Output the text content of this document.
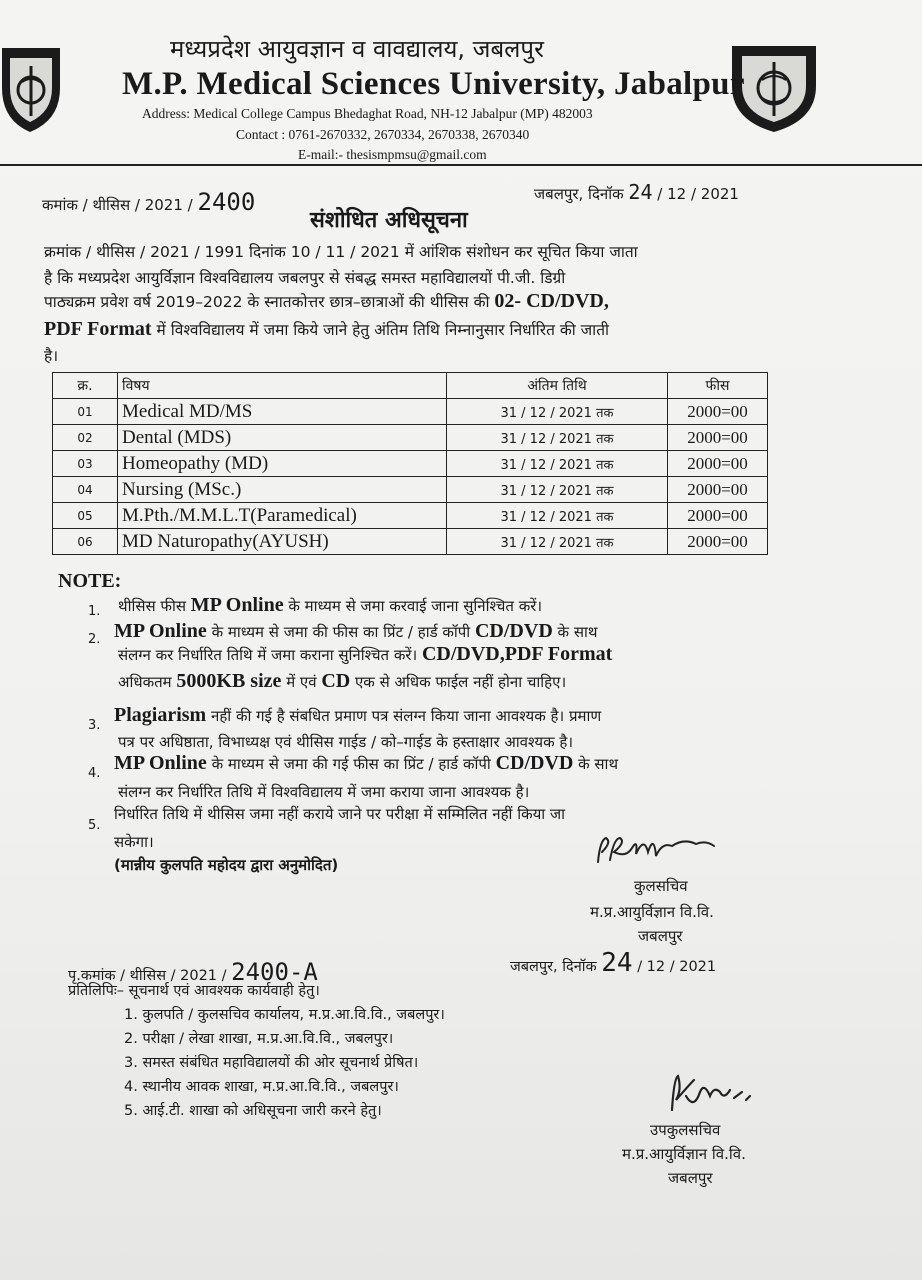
मध्यप्रदेश आयुवज्ञान व वावद्यालय, जबलपुर
M.P. Medical Sciences University, Jabalpur
Address: Medical College Campus Bhedaghat Road, NH-12 Jabalpur (MP) 482003
Contact : 0761-2670332, 2670334, 2670338, 2670340
E-mail:- thesismpmsu@gmail.com
कमांक / थीसिस / 2021 / 2400	जबलपुर, दिनॉक 24 / 12 / 2021
संशोधित अधिसूचना
क्रमांक / थीसिस / 2021 / 1991 दिनांक 10 / 11 / 2021 में आंशिक संशोधन कर सूचित किया जाता
है कि मध्यप्रदेश आयुर्विज्ञान विश्वविद्यालय जबलपुर से संबद्ध समस्त महाविद्यालयों पी.जी. डिग्री
पाठ्यक्रम प्रवेश वर्ष 2019–2022 के स्नातकोत्तर छात्र–छात्राओं की थीसिस की 02- CD/DVD,
PDF Format में विश्वविद्यालय में जमा किये जाने हेतु अंतिम तिथि निम्नानुसार निर्धारित की जाती
है।
क्र.	विषय	अंतिम तिथि	फीस
01	Medical MD/MS	31 / 12 / 2021 तक	2000=00
02	Dental (MDS)	31 / 12 / 2021 तक	2000=00
03	Homeopathy (MD)	31 / 12 / 2021 तक	2000=00
04	Nursing (MSc.)	31 / 12 / 2021 तक	2000=00
05	M.Pth./M.M.L.T(Paramedical)	31 / 12 / 2021 तक	2000=00
06	MD Naturopathy(AYUSH)	31 / 12 / 2021 तक	2000=00
NOTE:
1. थीसिस फीस MP Online के माध्यम से जमा करवाई जाना सुनिश्चित करें।
2. MP Online के माध्यम से जमा की फीस का प्रिंट / हार्ड कॉपी CD/DVD के साथ
संलग्न कर निर्धारित तिथि में जमा कराना सुनिश्चित करें। CD/DVD,PDF Format
अधिकतम 5000KB size में एवं CD एक से अधिक फाईल नहीं होना चाहिए।
3. Plagiarism नहीं की गई है संबधित प्रमाण पत्र संलग्न किया जाना आवश्यक है। प्रमाण
पत्र पर अधिष्ठाता, विभाध्यक्ष एवं थीसिस गाईड / को–गाईड के हस्ताक्षार आवश्यक है।
4. MP Online के माध्यम से जमा की गई फीस का प्रिंट / हार्ड कॉपी CD/DVD के साथ
संलग्न कर निर्धारित तिथि में विश्वविद्यालय में जमा कराया जाना आवश्यक है।
5.
निर्धारित तिथि में थीसिस जमा नहीं कराये जाने पर परीक्षा में सम्मिलित नहीं किया जा
सकेगा।
(मान्नीय कुलपति महोदय द्वारा अनुमोदित)
कुलसचिव
म.प्र.आयुर्विज्ञान वि.वि.
जबलपुर
पृ.कमांक / थीसिस / 2021 / 2400-A	जबलपुर, दिनॉक 24 / 12 / 2021
प्रतिलिपिः– सूचनार्थ एवं आवश्यक कार्यवाही हेतु।
1. कुलपति / कुलसचिव कार्यालय, म.प्र.आ.वि.वि., जबलपुर।
2. परीक्षा / लेखा शाखा, म.प्र.आ.वि.वि., जबलपुर।
3. समस्त संबंधित महाविद्यालयों की ओर सूचनार्थ प्रेषित।
4. स्थानीय आवक शाखा, म.प्र.आ.वि.वि., जबलपुर।
5. आई.टी. शाखा को अधिसूचना जारी करने हेतु।
उपकुलसचिव
म.प्र.आयुर्विज्ञान वि.वि.
जबलपुर
